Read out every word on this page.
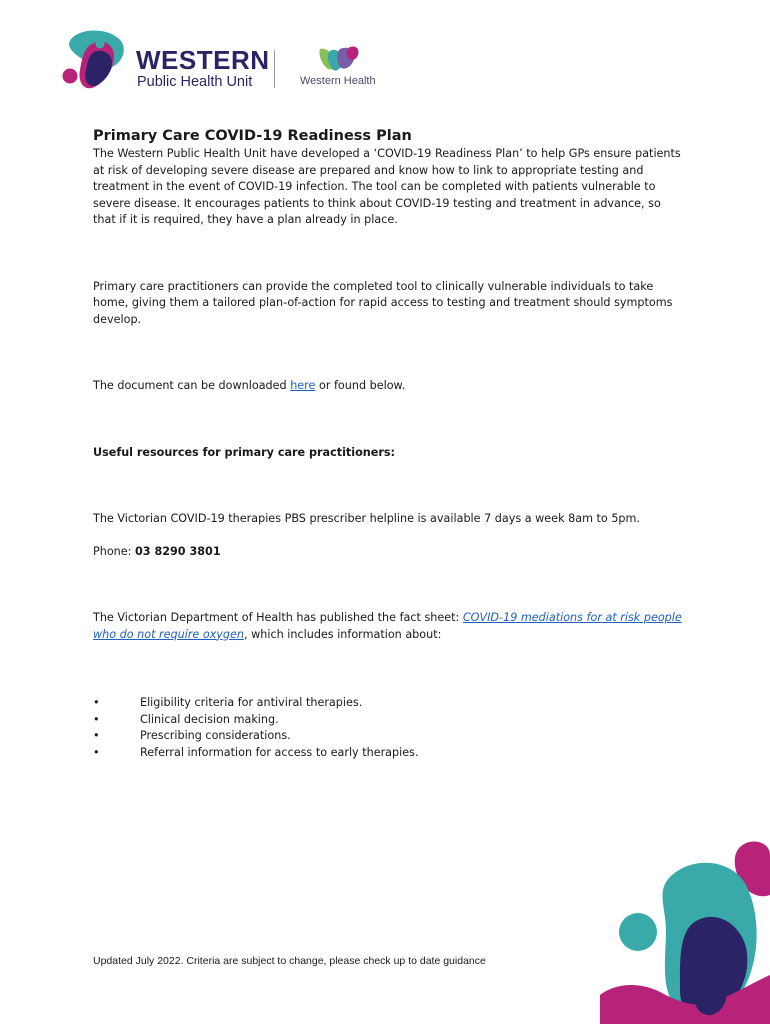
WESTERN
Public Health Unit	Western Health

Primary Care COVID-19 Readiness Plan

The Western Public Health Unit have developed a ‘COVID-19 Readiness Plan’ to help GPs ensure patients at risk of developing severe disease are prepared and know how to link to appropriate testing and treatment in the event of COVID-19 infection. The tool can be completed with patients vulnerable to severe disease. It encourages patients to think about COVID-19 testing and treatment in advance, so that if it is required, they have a plan already in place.

Primary care practitioners can provide the completed tool to clinically vulnerable individuals to take home, giving them a tailored plan-of-action for rapid access to testing and treatment should symptoms develop.

The document can be downloaded here or found below.

Useful resources for primary care practitioners:

The Victorian COVID-19 therapies PBS prescriber helpline is available 7 days a week 8am to 5pm.

Phone: 03 8290 3801

The Victorian Department of Health has published the fact sheet: COVID-19 mediations for at risk people who do not require oxygen, which includes information about:

•	Eligibility criteria for antiviral therapies.
•	Clinical decision making.
•	Prescribing considerations.
•	Referral information for access to early therapies.
Updated July 2022. Criteria are subject to change, please check up to date guidance
